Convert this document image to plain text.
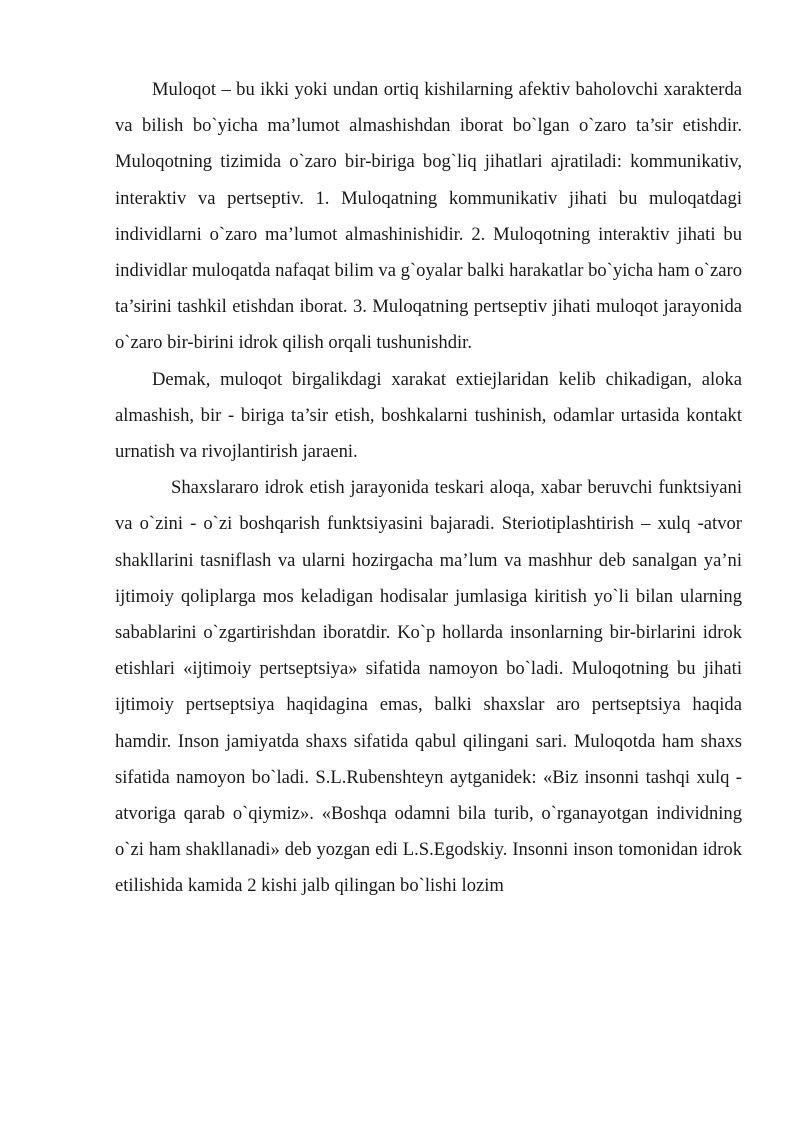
Muloqot – bu ikki yoki undan ortiq kishilarning afektiv baholovchi xarakterda va bilish bo`yicha ma’lumot almashishdan iborat bo`lgan o`zaro ta’sir etishdir. Muloqotning tizimida o`zaro bir-biriga bog`liq jihatlari ajratiladi: kommunikativ, interaktiv va pertseptiv. 1. Muloqatning kommunikativ jihati bu muloqatdagi individlarni o`zaro ma’lumot almashinishidir. 2. Muloqotning interaktiv jihati bu individlar muloqatda nafaqat bilim va g`oyalar balki harakatlar bo`yicha ham o`zaro ta’sirini tashkil etishdan iborat. 3. Muloqatning pertseptiv jihati muloqot jarayonida o`zaro bir-birini idrok qilish orqali tushunishdir.

Demak, muloqot birgalikdagi xarakat extiejlaridan kelib chikadigan, aloka almashish, bir - biriga ta’sir etish, boshkalarni tushinish, odamlar urtasida kontakt urnatish va rivojlantirish jaraeni.

Shaxslararo idrok etish jarayonida teskari aloqa, xabar beruvchi funktsiyani va o`zini - o`zi boshqarish funktsiyasini bajaradi. Steriotiplashtirish – xulq -atvor shakllarini tasniflash va ularni hozirgacha ma’lum va mashhur deb sanalgan ya’ni ijtimoiy qoliplarga mos keladigan hodisalar jumlasiga kiritish yo`li bilan ularning sabablarini o`zgartirishdan iboratdir. Ko`p hollarda insonlarning bir-birlarini idrok etishlari «ijtimoiy pertseptsiya» sifatida namoyon bo`ladi. Muloqotning bu jihati ijtimoiy pertseptsiya haqidagina emas, balki shaxslar aro pertseptsiya haqida hamdir. Inson jamiyatda shaxs sifatida qabul qilingani sari. Muloqotda ham shaxs sifatida namoyon bo`ladi. S.L.Rubenshteyn aytganidek: «Biz insonni tashqi xulq - atvoriga qarab o`qiymiz». «Boshqa odamni bila turib, o`rganayotgan individning o`zi ham shakllanadi» deb yozgan edi L.S.Egodskiy. Insonni inson tomonidan idrok etilishida kamida 2 kishi jalb qilingan bo`lishi lozim
